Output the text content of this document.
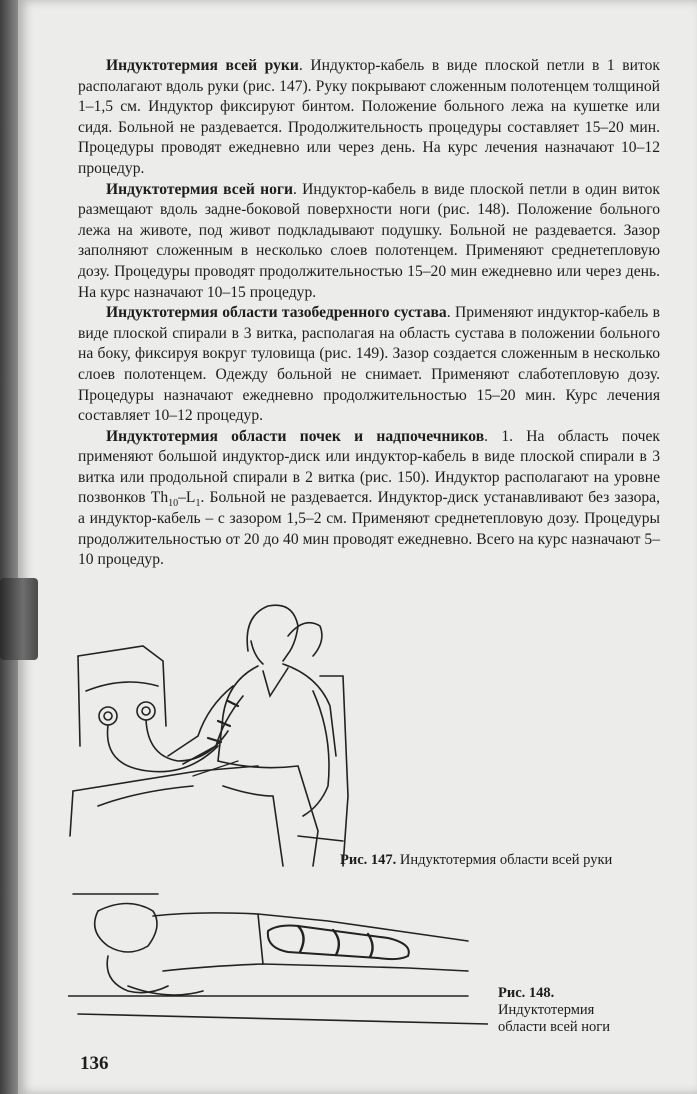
Индуктотермия всей руки. Индуктор-кабель в виде плоской петли в 1 виток располагают вдоль руки (рис. 147). Руку покрывают сложенным полотенцем толщиной 1–1,5 см. Индуктор фиксируют бинтом. Положение больного лежа на кушетке или сидя. Больной не раздевается. Продолжительность процедуры составляет 15–20 мин. Процедуры проводят ежедневно или через день. На курс лечения назначают 10–12 процедур.

Индуктотермия всей ноги. Индуктор-кабель в виде плоской петли в один виток размещают вдоль задне-боковой поверхности ноги (рис. 148). Положение больного лежа на животе, под живот подкладывают подушку. Больной не раздевается. Зазор заполняют сложенным в несколько слоев полотенцем. Применяют среднетепловую дозу. Процедуры проводят продолжительностью 15–20 мин ежедневно или через день. На курс назначают 10–15 процедур.

Индуктотермия области тазобедренного сустава. Применяют индуктор-кабель в виде плоской спирали в 3 витка, располагая на область сустава в положении больного на боку, фиксируя вокруг туловища (рис. 149). Зазор создается сложенным в несколько слоев полотенцем. Одежду больной не снимает. Применяют слаботепловую дозу. Процедуры назначают ежедневно продолжительностью 15–20 мин. Курс лечения составляет 10–12 процедур.

Индуктотермия области почек и надпочечников. 1. На область почек применяют большой индуктор-диск или индуктор-кабель в виде плоской спирали в 3 витка или продольной спирали в 2 витка (рис. 150). Индуктор располагают на уровне позвонков $Th_{10}-L_1$. Больной не раздевается. Индуктор-диск устанавливают без зазора, а индуктор-кабель – с зазором 1,5–2 см. Применяют среднетепловую дозу. Процедуры продолжительностью от 20 до 40 мин проводят ежедневно. Всего на курс назначают 5–10 процедур.

Рис. 147. Индуктотермия области всей руки
Рис. 148.
Индуктотермия
области всей ноги
136
